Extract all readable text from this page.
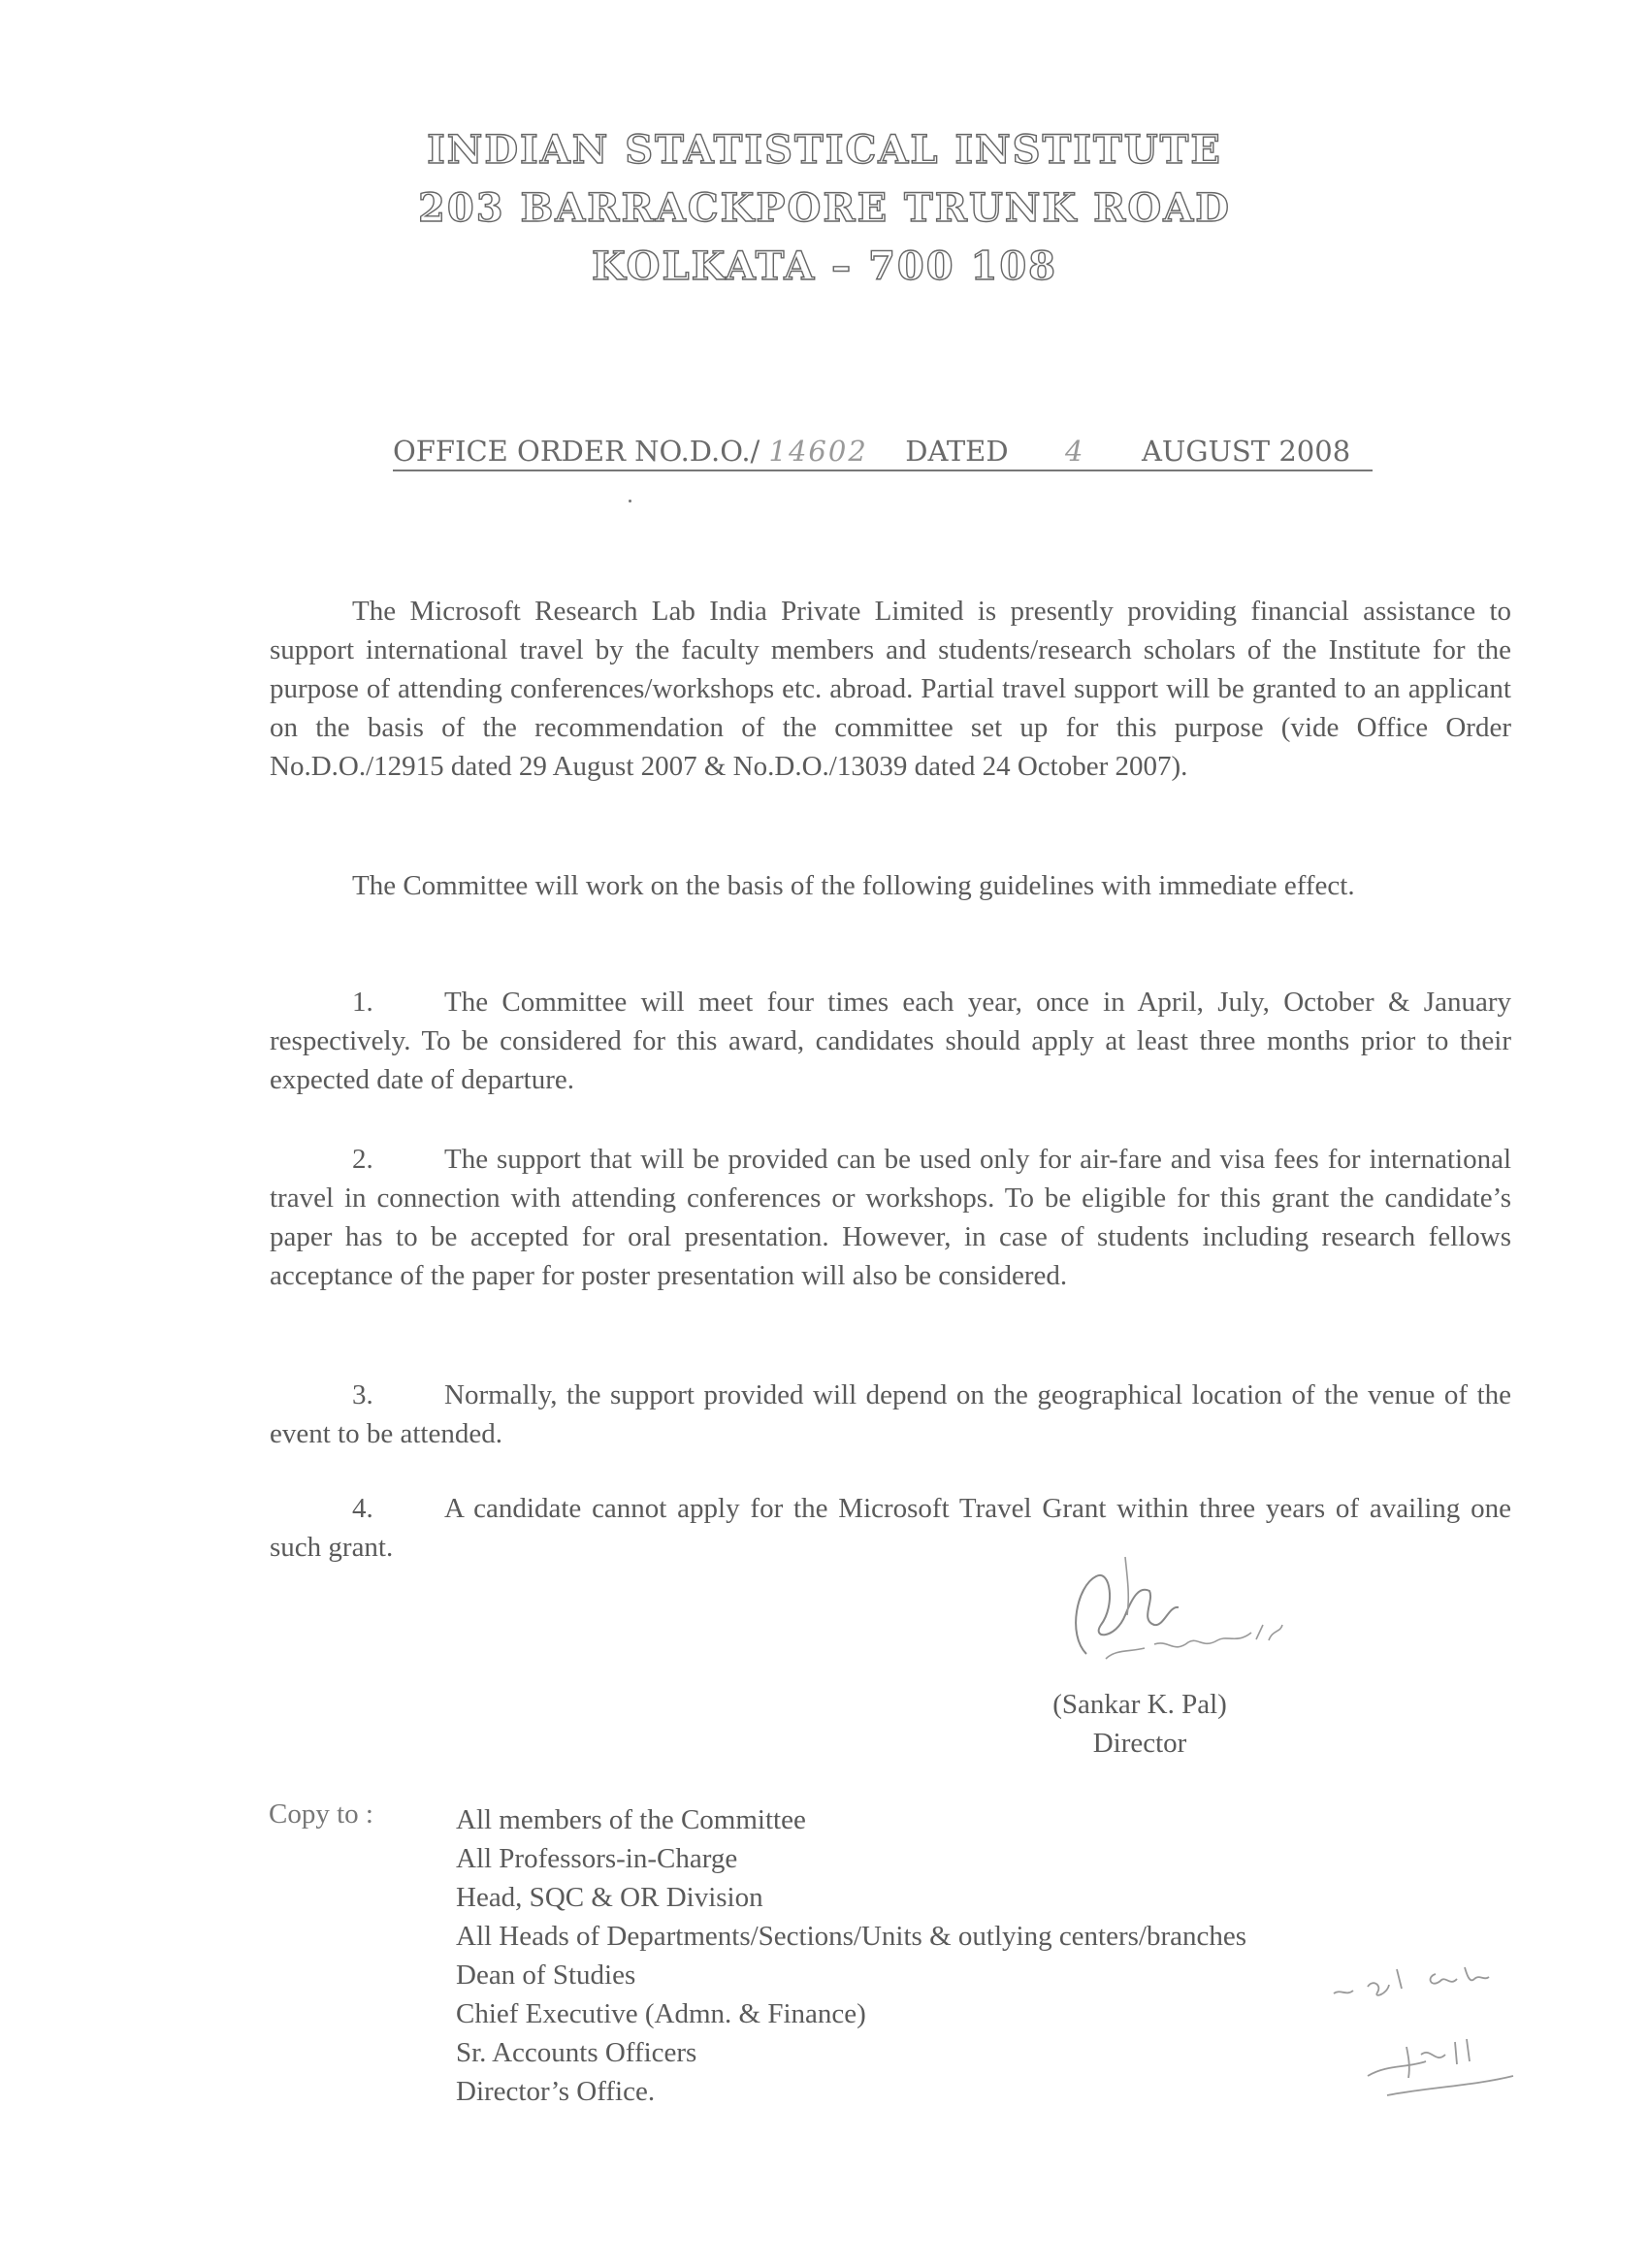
INDIAN STATISTICAL INSTITUTE
203 BARRACKPORE TRUNK ROAD
KOLKATA – 700 108
OFFICE ORDER NO.D.O./ 14602 DATED 4 AUGUST 2008

The Microsoft Research Lab India Private Limited is presently providing financial assistance to support international travel by the faculty members and students/research scholars of the Institute for the purpose of attending conferences/workshops etc. abroad. Partial travel support will be granted to an applicant on the basis of the recommendation of the committee set up for this purpose (vide Office Order No.D.O./12915 dated 29 August 2007 & No.D.O./13039 dated 24 October 2007).

The Committee will work on the basis of the following guidelines with immediate effect.

1.	The Committee will meet four times each year, once in April, July, October & January respectively. To be considered for this award, candidates should apply at least three months prior to their expected date of departure.

2.	The support that will be provided can be used only for air-fare and visa fees for international travel in connection with attending conferences or workshops. To be eligible for this grant the candidate’s paper has to be accepted for oral presentation. However, in case of students including research fellows acceptance of the paper for poster presentation will also be considered.

3.	Normally, the support provided will depend on the geographical location of the venue of the event to be attended.

4.	A candidate cannot apply for the Microsoft Travel Grant within three years of availing one such grant.

(Sankar K. Pal)
Director
Copy to :	All members of the Committee
All Professors-in-Charge
Head, SQC & OR Division
All Heads of Departments/Sections/Units & outlying centers/branches
Dean of Studies
Chief Executive (Admn. & Finance)
Sr. Accounts Officers
Director’s Office.
